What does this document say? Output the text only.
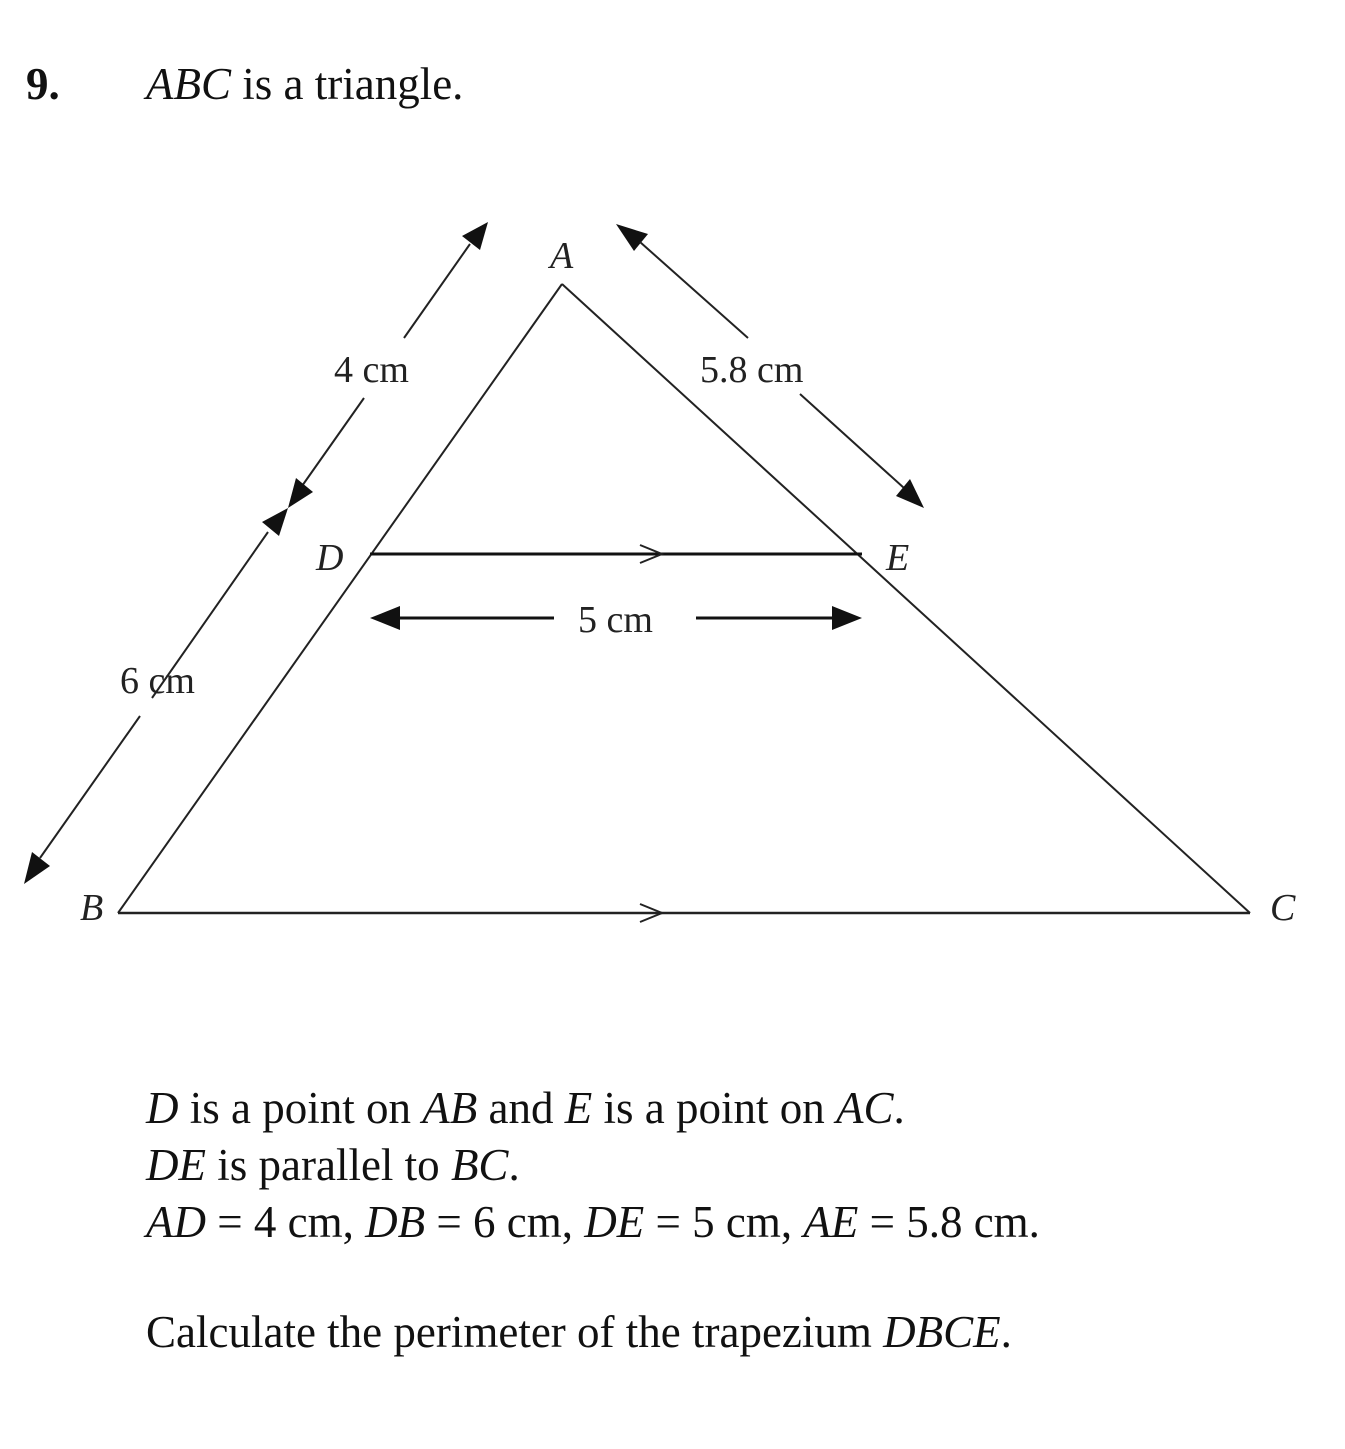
9. ABC is a triangle.
A
B	C
D	E
4 cm
6 cm
5.8 cm
5 cm
D is a point on AB and E is a point on AC.
DE is parallel to BC.
AD = 4 cm, DB = 6 cm, DE = 5 cm, AE = 5.8 cm.
Calculate the perimeter of the trapezium DBCE.
